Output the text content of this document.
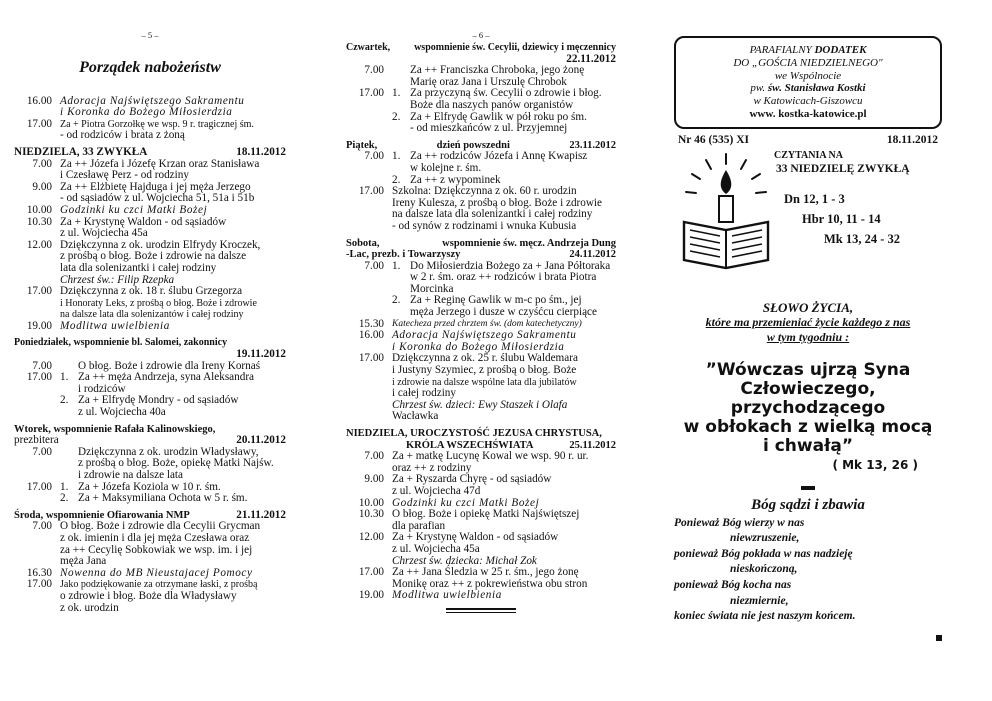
– 5 –
Porządek nabożeństw
16.00 Adoracja Najświętszego Sakramentu
i Koronka do Bożego Miłosierdzia
17.00 Za + Piotra Gorzołkę we wsp. 9 r. tragicznej śm.
- od rodziców i brata z żoną
NIEDZIELA, 33 ZWYKŁA	18.11.2012
7.00 Za ++ Józefa i Józefę Krzan oraz Stanisława
i Czesławę Perz - od rodziny
9.00 Za ++ Elżbietę Hajduga i jej męża Jerzego
- od sąsiadów z ul. Wojciecha 51, 51a i 51b
10.00 Godzinki ku czci Matki Bożej
10.30 Za + Krystynę Waldon - od sąsiadów
z ul. Wojciecha 45a
12.00 Dziękczynna z ok. urodzin Elfrydy Kroczek,
z prośbą o błog. Boże i zdrowie na dalsze
lata dla solenizantki i całej rodziny
Chrzest św.: Filip Rzepka
17.00 Dziękczynna z ok. 18 r. ślubu Grzegorza
i Honoraty Leks, z prośbą o błog. Boże i zdrowie
na dalsze lata dla solenizantów i całej rodziny
19.00 Modlitwa uwielbienia
Poniedziałek, wspomnienie bl. Salomei, zakonnicy
19.11.2012
7.00	O błog. Boże i zdrowie dla Ireny Kornaś
17.00 1. Za ++ męża Andrzeja, syna Aleksandra
i rodziców
2. Za + Elfrydę Mondry - od sąsiadów
z ul. Wojciecha 40a
Wtorek, wspomnienie Rafała Kalinowskiego,
prezbitera	20.11.2012
7.00	Dziękczynna z ok. urodzin Władysławy,
z prośbą o błog. Boże, opiekę Matki Najśw.
i zdrowie na dalsze lata
17.00 1. Za + Józefa Koziola w 10 r. śm.
2. Za + Maksymiliana Ochota w 5 r. śm.
Środa, wspomnienie Ofiarowania NMP	21.11.2012
7.00 O błog. Boże i zdrowie dla Cecylii Grycman
z ok. imienin i dla jej męża Czesława oraz
za ++ Cecylię Sobkowiak we wsp. im. i jej
męża Jana
16.30 Nowenna do MB Nieustajacej Pomocy
17.00 Jako podziękowanie za otrzymane łaski, z prośbą
o zdrowie i błog. Boże dla Władysławy
z ok. urodzin
– 6 –
Czwartek, wspomnienie św. Cecylii, dziewicy i męczennicy
22.11.2012
7.00	Za ++ Franciszka Chroboka, jego żonę
Marię oraz Jana i Urszulę Chrobok
17.00 1. Za przyczyną św. Cecylii o zdrowie i błog.
Boże dla naszych panów organistów
2. Za + Elfrydę Gawlik w pół roku po śm.
- od mieszkańców z ul. Przyjemnej
Piątek,	dzień powszedni	23.11.2012
7.00 1. Za ++ rodziców Józefa i Annę Kwapisz
w kolejne r. śm.
2. Za ++ z wypominek
17.00 Szkolna: Dziękczynna z ok. 60 r. urodzin
Ireny Kulesza, z prośbą o błog. Boże i zdrowie
na dalsze lata dla solenizantki i całej rodziny
- od synów z rodzinami i wnuka Kubusia
Sobota,	wspomnienie św. męcz. Andrzeja Dung
-Lac, prezb. i Towarzyszy	24.11.2012
7.00 1. Do Miłosierdzia Bożego za + Jana Półtoraka
w 2 r. śm. oraz ++ rodziców i brata Piotra
Morcinka
2. Za + Reginę Gawlik w m-c po śm., jej
męża Jerzego i dusze w czyśćcu cierpiące
15.30 Katecheza przed chrztem św. (dom katechetyczny)
16.00 Adoracja Najświętszego Sakramentu
i Koronka do Bożego Miłosierdzia
17.00 Dziękczynna z ok. 25 r. ślubu Waldemara
i Justyny Szymiec, z prośbą o błog. Boże
i zdrowie na dalsze wspólne lata dla jubilatów
i całej rodziny
Chrzest św. dzieci: Ewy Staszek i Olafa
Wacławka
NIEDZIELA, UROCZYSTOŚĆ JEZUSA CHRYSTUSA,
KRÓLA WSZECHŚWIATA	25.11.2012
7.00 Za + matkę Lucynę Kowal we wsp. 90 r. ur.
oraz ++ z rodziny
9.00 Za + Ryszarda Chyrę - od sąsiadów
z ul. Wojciecha 47d
10.00 Godzinki ku czci Matki Bożej
10.30 O błog. Boże i opiekę Matki Najświętszej
dla parafian
12.00 Za + Krystynę Waldon - od sąsiadów
z ul. Wojciecha 45a
Chrzest św. dziecka: Michał Zok
17.00 Za ++ Jana Śledzia w 25 r. śm., jego żonę
Monikę oraz ++ z pokrewieństwa obu stron
19.00 Modlitwa uwielbienia
PARAFIALNY DODATEK
DO „GOŚCIA NIEDZIELNEGO"
we Wspólnocie
pw. św. Stanisława Kostki
w Katowicach-Giszowcu
www. kostka-katowice.pl
Nr 46 (535) XI	18.11.2012
CZYTANIA NA
33 NIEDZIELĘ ZWYKŁĄ
Dn 12, 1 - 3
Hbr 10, 11 - 14
Mk 13, 24 - 32
SŁOWO ŻYCIA,
które ma przemieniać życie każdego z nas
w tym tygodniu :
”Wówczas ujrzą Syna
Człowieczego, przychodzącego
w obłokach z wielką mocą
i chwałą”
( Mk 13, 26 )
Bóg sądzi i zbawia
Ponieważ Bóg wierzy w nas
niewzruszenie,
ponieważ Bóg pokłada w nas nadzieję
nieskończoną,
ponieważ Bóg kocha nas
niezmiernie,
koniec świata nie jest naszym końcem.
